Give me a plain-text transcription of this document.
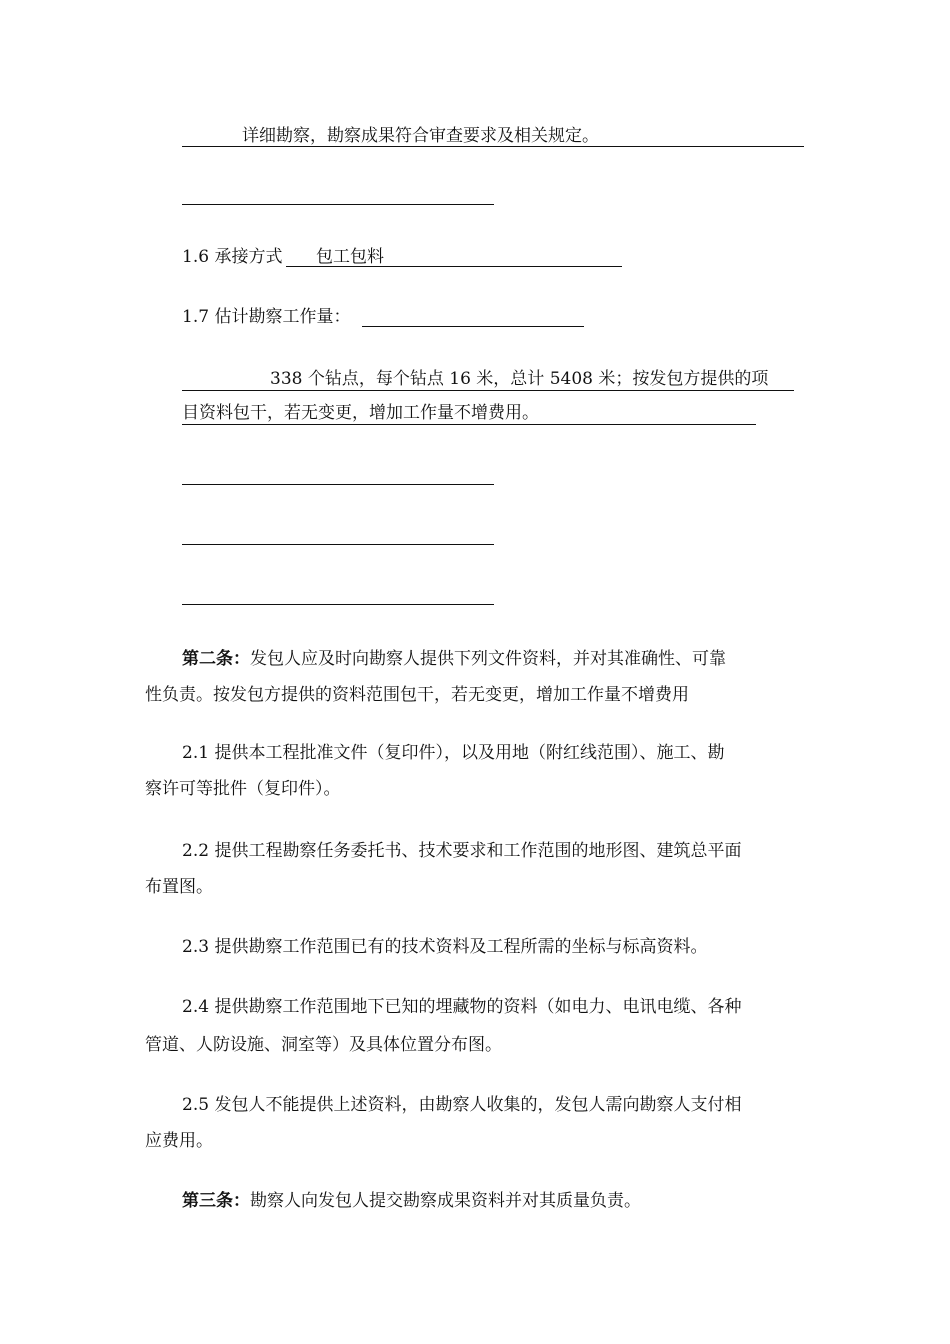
详细勘察，勘察成果符合审查要求及相关规定。
1.6 承接方式 包工包料
1.7 估计勘察工作量：
338 个钻点，每个钻点 16 米，总计 5408 米；按发包方提供的项
目资料包干，若无变更，增加工作量不增费用。
第二条：发包人应及时向勘察人提供下列文件资料，并对其准确性、可靠
性负责。按发包方提供的资料范围包干，若无变更，增加工作量不增费用
2.1 提供本工程批准文件（复印件），以及用地（附红线范围）、施工、勘
察许可等批件（复印件）。
2.2 提供工程勘察任务委托书、技术要求和工作范围的地形图、建筑总平面
布置图。
2.3 提供勘察工作范围已有的技术资料及工程所需的坐标与标高资料。
2.4 提供勘察工作范围地下已知的埋藏物的资料（如电力、电讯电缆、各种
管道、人防设施、洞室等）及具体位置分布图。
2.5 发包人不能提供上述资料，由勘察人收集的，发包人需向勘察人支付相
应费用。
第三条：勘察人向发包人提交勘察成果资料并对其质量负责。
